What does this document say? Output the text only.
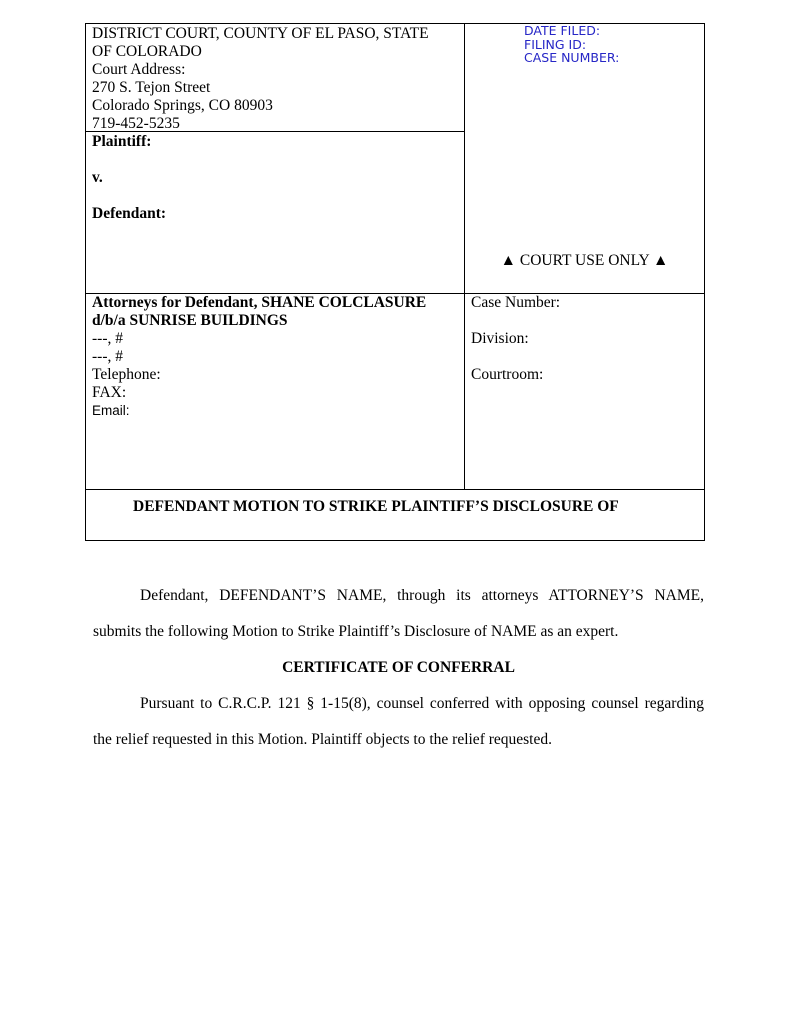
DISTRICT COURT, COUNTY OF EL PASO, STATE
OF COLORADO
Court Address:
270 S. Tejon Street
Colorado Springs, CO 80903
719-452-5235
Plaintiff:
v.
Defendant:
DATE FILED:
FILING ID:
CASE NUMBER:
▲ COURT USE ONLY ▲
Attorneys for Defendant, SHANE COLCLASURE
d/b/a SUNRISE BUILDINGS
---, #
---, #
Telephone:
FAX:
Email:
Case Number:
Division:
Courtroom:
DEFENDANT MOTION TO STRIKE PLAINTIFF’S DISCLOSURE OF
Defendant, DEFENDANT’S NAME, through its attorneys ATTORNEY’S NAME,
submits the following Motion to Strike Plaintiff’s Disclosure of NAME as an expert.
CERTIFICATE OF CONFERRAL
Pursuant to C.R.C.P. 121 § 1-15(8), counsel conferred with opposing counsel regarding
the relief requested in this Motion. Plaintiff objects to the relief requested.
